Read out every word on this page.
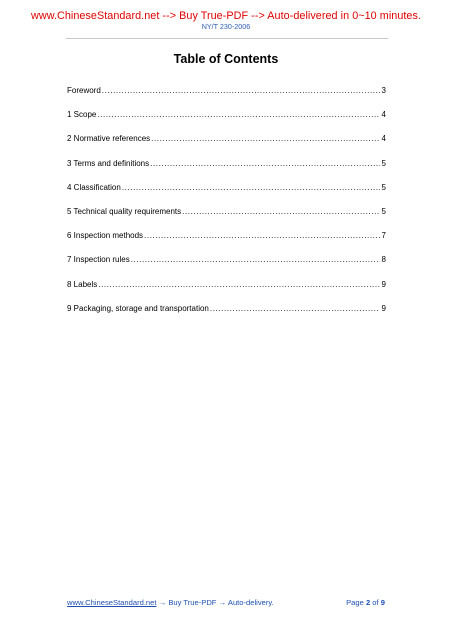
www.ChineseStandard.net --> Buy True-PDF --> Auto-delivered in 0~10 minutes.
NY/T 230-2006
Table of Contents
Foreword .....	3
1 Scope .....	4
2 Normative references .....	4
3 Terms and definitions .....	5
4 Classification .....	5
5 Technical quality requirements .....	5
6 Inspection methods .....	7
7 Inspection rules .....	8
8 Labels .....	9
9 Packaging, storage and transportation .....	9
www.ChineseStandard.net → Buy True-PDF → Auto-delivery.	Page 2 of 9
